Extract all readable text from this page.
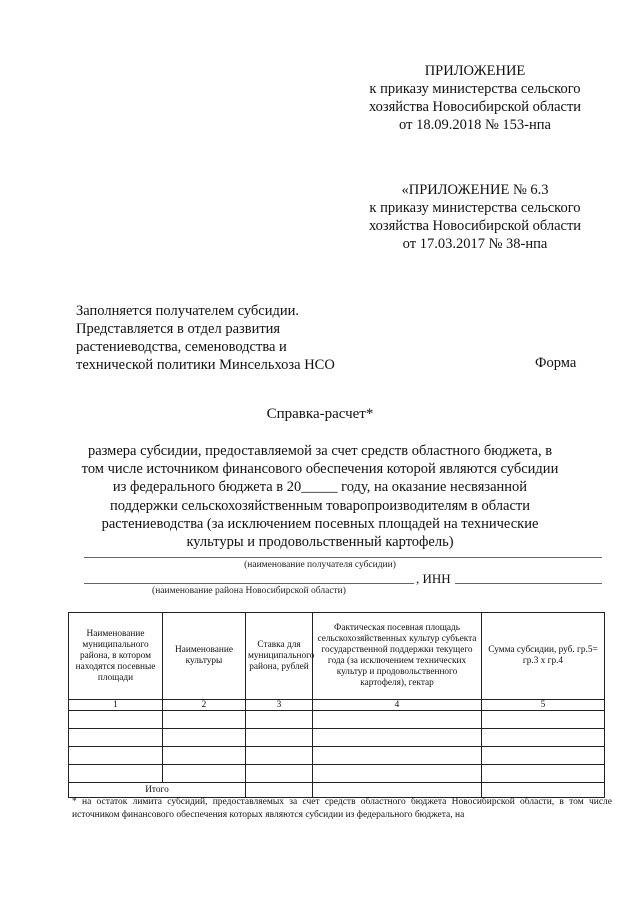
ПРИЛОЖЕНИЕ
к приказу министерства сельского
хозяйства Новосибирской области
от 18.09.2018 № 153-нпа
«ПРИЛОЖЕНИЕ № 6.3
к приказу министерства сельского
хозяйства Новосибирской области
от 17.03.2017 № 38-нпа
Заполняется получателем субсидии.
Представляется в отдел развития
растениеводства, семеноводства и
технической политики Минсельхоза НСО	Форма
Справка-расчет*
размера субсидии, предоставляемой за счет средств областного бюджета, в том числе источником финансового обеспечения которой являются субсидии из федерального бюджета в 20_____ году, на оказание несвязанной поддержки сельскохозяйственным товаропроизводителям в области растениеводства (за исключением посевных площадей на технические культуры и продовольственный картофель)
(наименование получателя субсидии)
, ИНН
(наименование района Новосибирской области)
Наименование муниципального района, в котором находятся посевные площади	Наименование культуры	Ставка для муниципального района, рублей	Фактическая посевная площадь сельскохозяйственных культур субъекта государственной поддержки текущего года (за исключением технических культур и продовольственного картофеля), гектар	Сумма субсидии, руб. гр.5= гр.3 х гр.4
1	2	3	4	5

Итого				
* на остаток лимита субсидий, предоставляемых за счет средств областного бюджета Новосибирской области, в том числе источником финансового обеспечения которых являются субсидии из федерального бюджета, на
